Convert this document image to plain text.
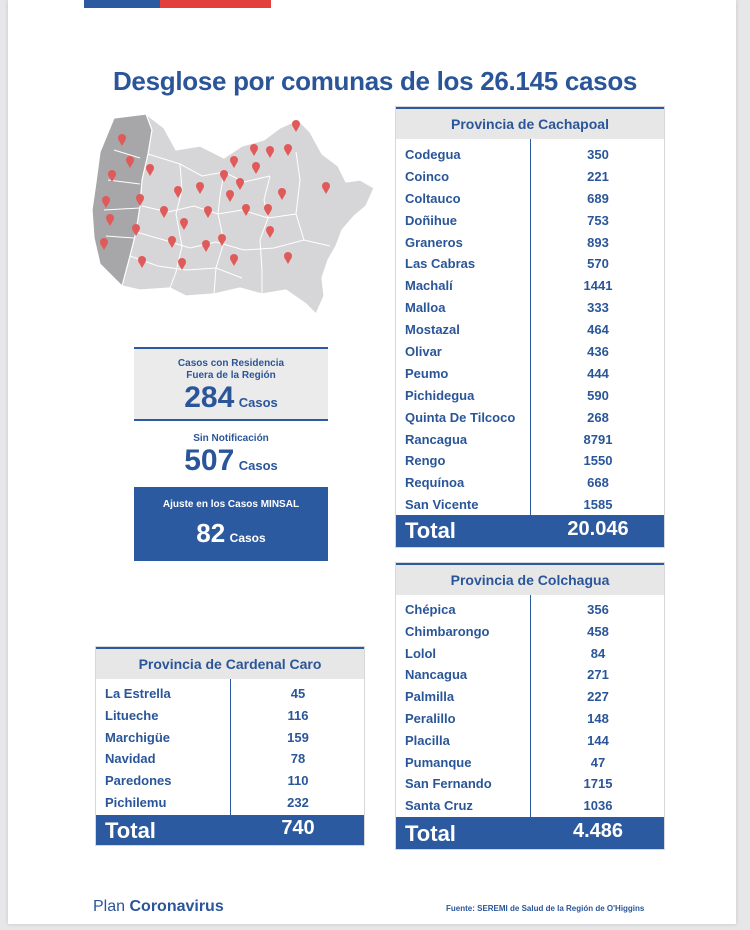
Desglose por comunas de los 26.145 casos
Casos con Residencia
Fuera de la Región
284 Casos
Sin Notificación
507 Casos
Ajuste en los Casos MINSAL
82 Casos
Provincia de Cachapoal
Codegua	350
Coinco	221
Coltauco	689
Doñihue	753
Graneros	893
Las Cabras	570
Machalí	1441
Malloa	333
Mostazal	464
Olivar	436
Peumo	444
Pichidegua	590
Quinta De Tilcoco	268
Rancagua	8791
Rengo	1550
Requínoa	668
San Vicente	1585
Total	20.046
Provincia de Colchagua
Chépica	356
Chimbarongo	458
Lolol	84
Nancagua	271
Palmilla	227
Peralillo	148
Placilla	144
Pumanque	47
San Fernando	1715
Santa Cruz	1036
Total	4.486
Provincia de Cardenal Caro
La Estrella	45
Litueche	116
Marchigüe	159
Navidad	78
Paredones	110
Pichilemu	232
Total	740
Plan Coronavirus	Fuente: SEREMI de Salud de la Región de O'Higgins
